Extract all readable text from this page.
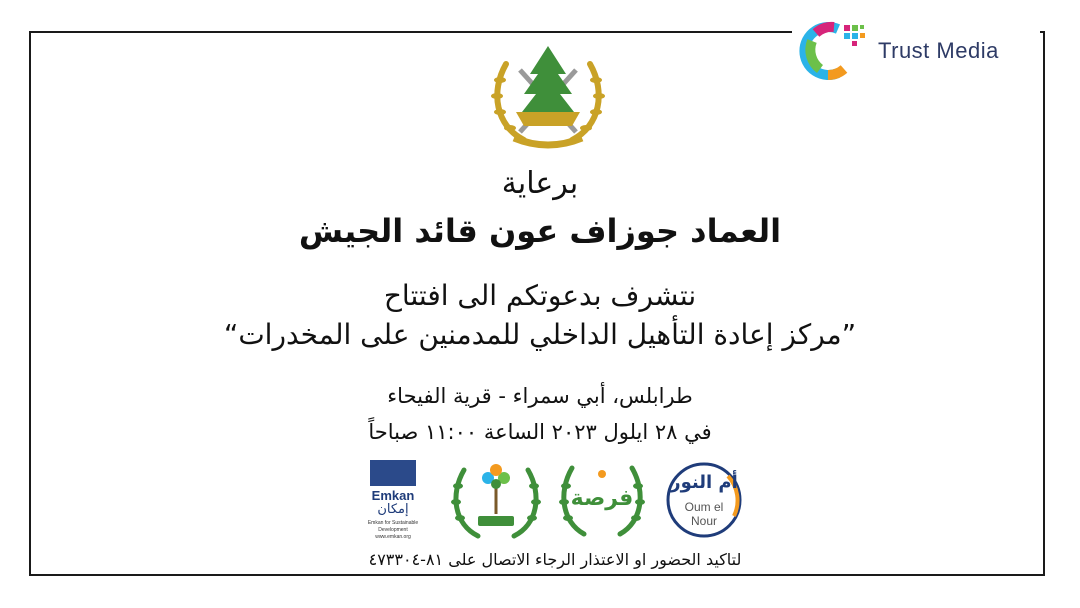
Trust Media
برعاية
العماد جوزاف عون قائد الجيش
نتشرف بدعوتكم الى افتتاح
”مركز إعادة التأهيل الداخلي للمدمنين على المخدرات“
طرابلس، أبي سمراء - قرية الفيحاء
في ٢٨ ايلول ٢٠٢٣ الساعة ١١:٠٠ صباحاً
Emkan
إمكان
Emkan for Sustainable Development
www.emkan.org
فرصة
أم النور
Oum el
Nour
لتاكيد الحضور او الاعتذار الرجاء الاتصال على ٨١-٤٧٣٣٠٤
